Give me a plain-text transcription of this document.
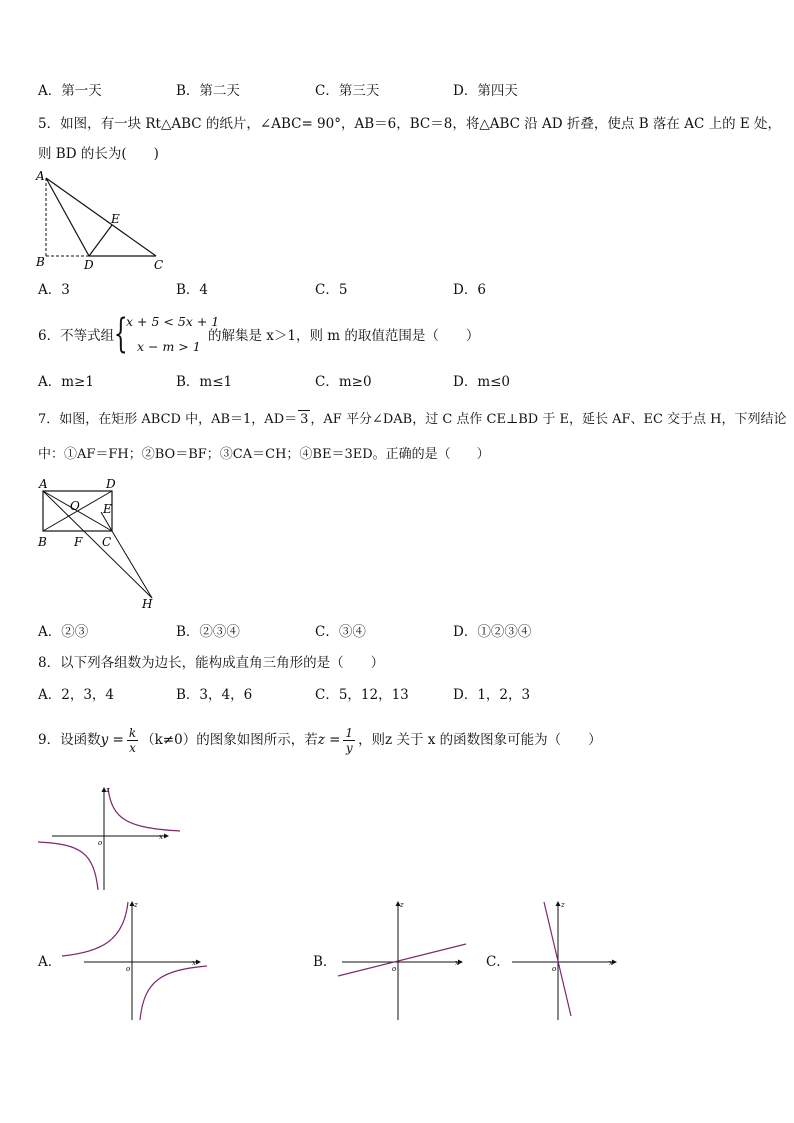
A．第一天	B．第二天	C．第三天	D．第四天
5．如图，有一块 Rt△ABC 的纸片，∠ABC= 90°，AB＝6，BC＝8，将△ABC 沿 AD 折叠，使点 B 落在 AC 上的 E 处，
则 BD 的长为(　　)
A
B	D	C
E
A．3	B．4	C．5	D．6
6．不等式组 {
x + 5 < 5x + 1
x − m > 1
的解集是 x＞1，则 m 的取值范围是（　　）
A．m≥1	B．m≤1	C．m≥0	D．m≤0
7．如图，在矩形 ABCD 中，AB＝1，AD＝ 3 ，AF 平分∠DAB，过 C 点作 CE⊥BD 于 E，延长 AF、EC 交于点 H，下列结论
中：①AF＝FH；②BO＝BF；③CA＝CH；④BE＝3ED。正确的是（　　）
A	D
O E
B F C
H
A．②③	B．②③④	C．③④	D．①②③④
8．以下列各组数为边长，能构成直角三角形的是（　　）
A．2，3，4	B．3，4，6	C．5，12，13	D．1，2，3
9．设函数$y = \frac{k}{x} (k\ne 0)$的图象如图所示，若$z = \frac{1}{y}$ ，则z 关于 x 的函数图象可能为（　　）
x
z
o
A．	x
z
o	B．	x
z
o	C．	x
z
o
